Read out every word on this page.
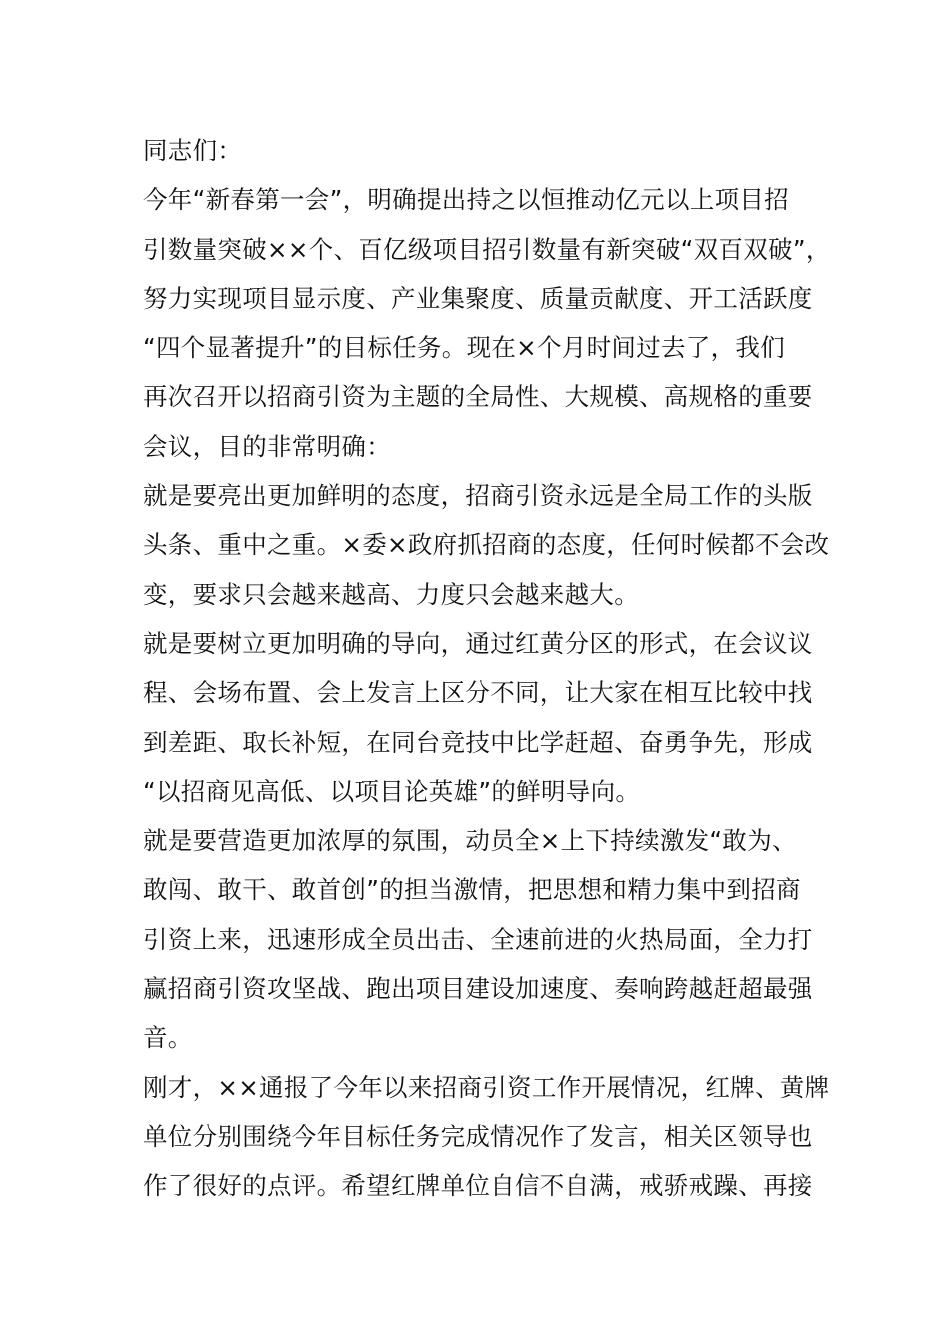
同志们：
今年“新春第一会”，明确提出持之以恒推动亿元以上项目招
引数量突破××个、百亿级项目招引数量有新突破“双百双破”，
努力实现项目显示度、产业集聚度、质量贡献度、开工活跃度
“四个显著提升”的目标任务。现在×个月时间过去了，我们
再次召开以招商引资为主题的全局性、大规模、高规格的重要
会议，目的非常明确：
就是要亮出更加鲜明的态度，招商引资永远是全局工作的头版
头条、重中之重。×委×政府抓招商的态度，任何时候都不会改
变，要求只会越来越高、力度只会越来越大。
就是要树立更加明确的导向，通过红黄分区的形式，在会议议
程、会场布置、会上发言上区分不同，让大家在相互比较中找
到差距、取长补短，在同台竞技中比学赶超、奋勇争先，形成
“以招商见高低、以项目论英雄”的鲜明导向。
就是要营造更加浓厚的氛围，动员全×上下持续激发“敢为、
敢闯、敢干、敢首创”的担当激情，把思想和精力集中到招商
引资上来，迅速形成全员出击、全速前进的火热局面，全力打
赢招商引资攻坚战、跑出项目建设加速度、奏响跨越赶超最强
音。
刚才，××通报了今年以来招商引资工作开展情况，红牌、黄牌
单位分别围绕今年目标任务完成情况作了发言，相关区领导也
作了很好的点评。希望红牌单位自信不自满，戒骄戒躁、再接
